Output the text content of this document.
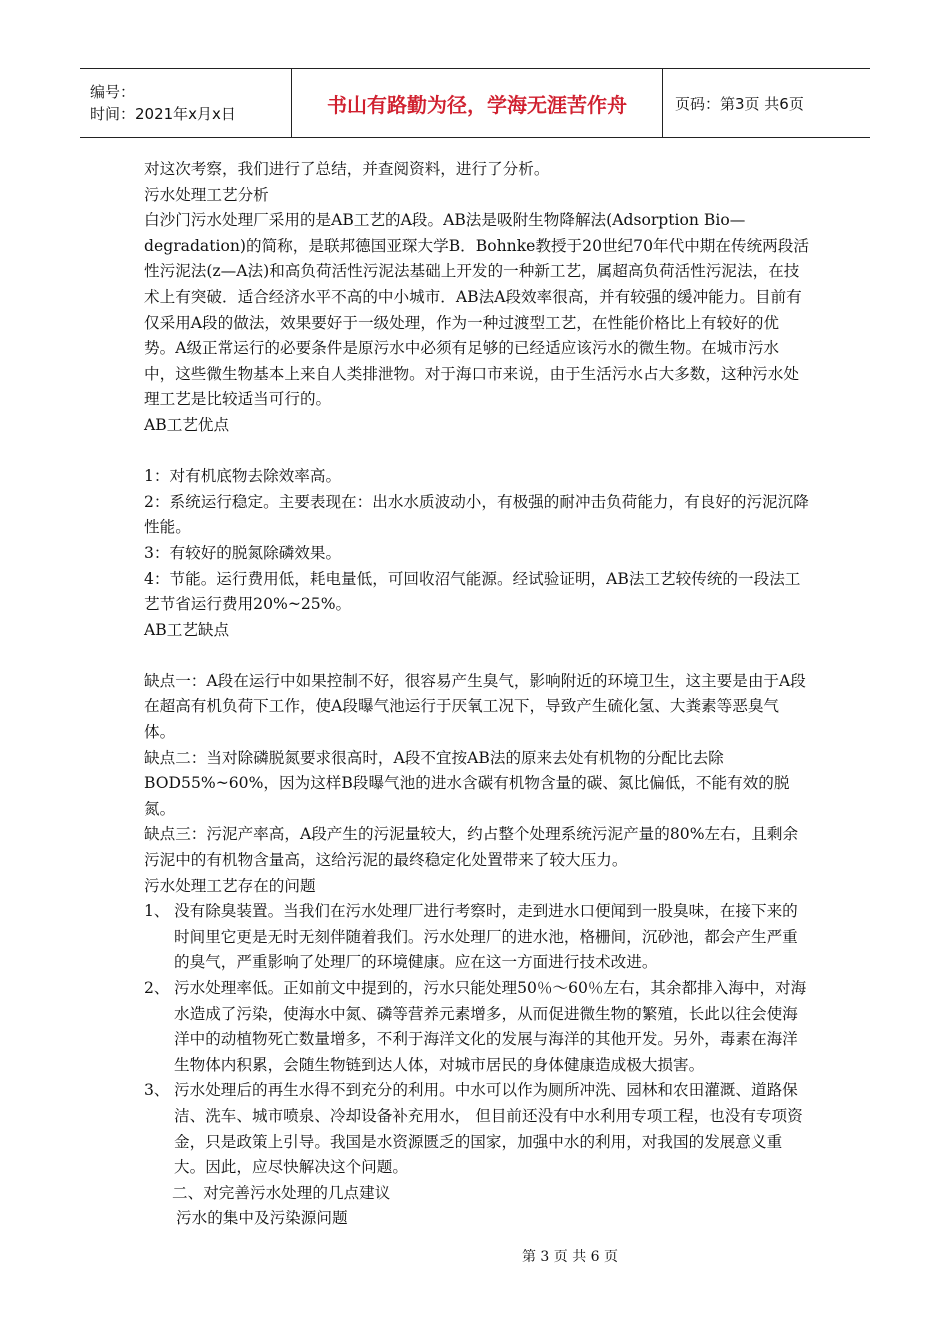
编号：
时间：2021年x月x日	书山有路勤为径，学海无涯苦作舟	页码：第3页 共6页

对这次考察，我们进行了总结，并查阅资料，进行了分析。

污水处理工艺分析

白沙门污水处理厂采用的是AB工艺的A段。AB法是吸附生物降解法(Adsorption Bio—degradation)的简称，是联邦德国亚琛大学B．Bohnke教授于20世纪70年代中期在传统两段活性污泥法(z—A法)和高负荷活性污泥法基础上开发的一种新工艺，属超高负荷活性污泥法，在技术上有突破．适合经济水平不高的中小城市．AB法A段效率很高，并有较强的缓冲能力。目前有仅采用A段的做法，效果要好于一级处理，作为一种过渡型工艺，在性能价格比上有较好的优势。A级正常运行的必要条件是原污水中必须有足够的已经适应该污水的微生物。在城市污水中，这些微生物基本上来自人类排泄物。对于海口市来说，由于生活污水占大多数，这种污水处理工艺是比较适当可行的。

AB工艺优点

1：对有机底物去除效率高。

2：系统运行稳定。主要表现在：出水水质波动小，有极强的耐冲击负荷能力，有良好的污泥沉降性能。

3：有较好的脱氮除磷效果。

4：节能。运行费用低，耗电量低，可回收沼气能源。经试验证明，AB法工艺较传统的一段法工艺节省运行费用20%~25%。

AB工艺缺点

缺点一：A段在运行中如果控制不好，很容易产生臭气，影响附近的环境卫生，这主要是由于A段在超高有机负荷下工作，使A段曝气池运行于厌氧工况下，导致产生硫化氢、大粪素等恶臭气体。

缺点二：当对除磷脱氮要求很高时，A段不宜按AB法的原来去处有机物的分配比去除BOD55%~60%，因为这样B段曝气池的进水含碳有机物含量的碳、氮比偏低，不能有效的脱氮。

缺点三：污泥产率高，A段产生的污泥量较大，约占整个处理系统污泥产量的80%左右，且剩余污泥中的有机物含量高，这给污泥的最终稳定化处置带来了较大压力。

污水处理工艺存在的问题

1、 没有除臭装置。当我们在污水处理厂进行考察时，走到进水口便闻到一股臭味，在接下来的时间里它更是无时无刻伴随着我们。污水处理厂的进水池，格栅间，沉砂池，都会产生严重的臭气，严重影响了处理厂的环境健康。应在这一方面进行技术改进。
2、 污水处理率低。正如前文中提到的，污水只能处理50％～60％左右，其余都排入海中，对海水造成了污染，使海水中氮、磷等营养元素增多，从而促进微生物的繁殖，长此以往会使海洋中的动植物死亡数量增多，不利于海洋文化的发展与海洋的其他开发。另外，毒素在海洋生物体内积累，会随生物链到达人体，对城市居民的身体健康造成极大损害。
3、 污水处理后的再生水得不到充分的利用。中水可以作为厕所冲洗、园林和农田灌溉、道路保洁、洗车、城市喷泉、冷却设备补充用水， 但目前还没有中水利用专项工程，也没有专项资金，只是政策上引导。我国是水资源匮乏的国家，加强中水的利用，对我国的发展意义重大。因此，应尽快解决这个问题。

二、对完善污水处理的几点建议

污水的集中及污染源问题

第 3 页 共 6 页
